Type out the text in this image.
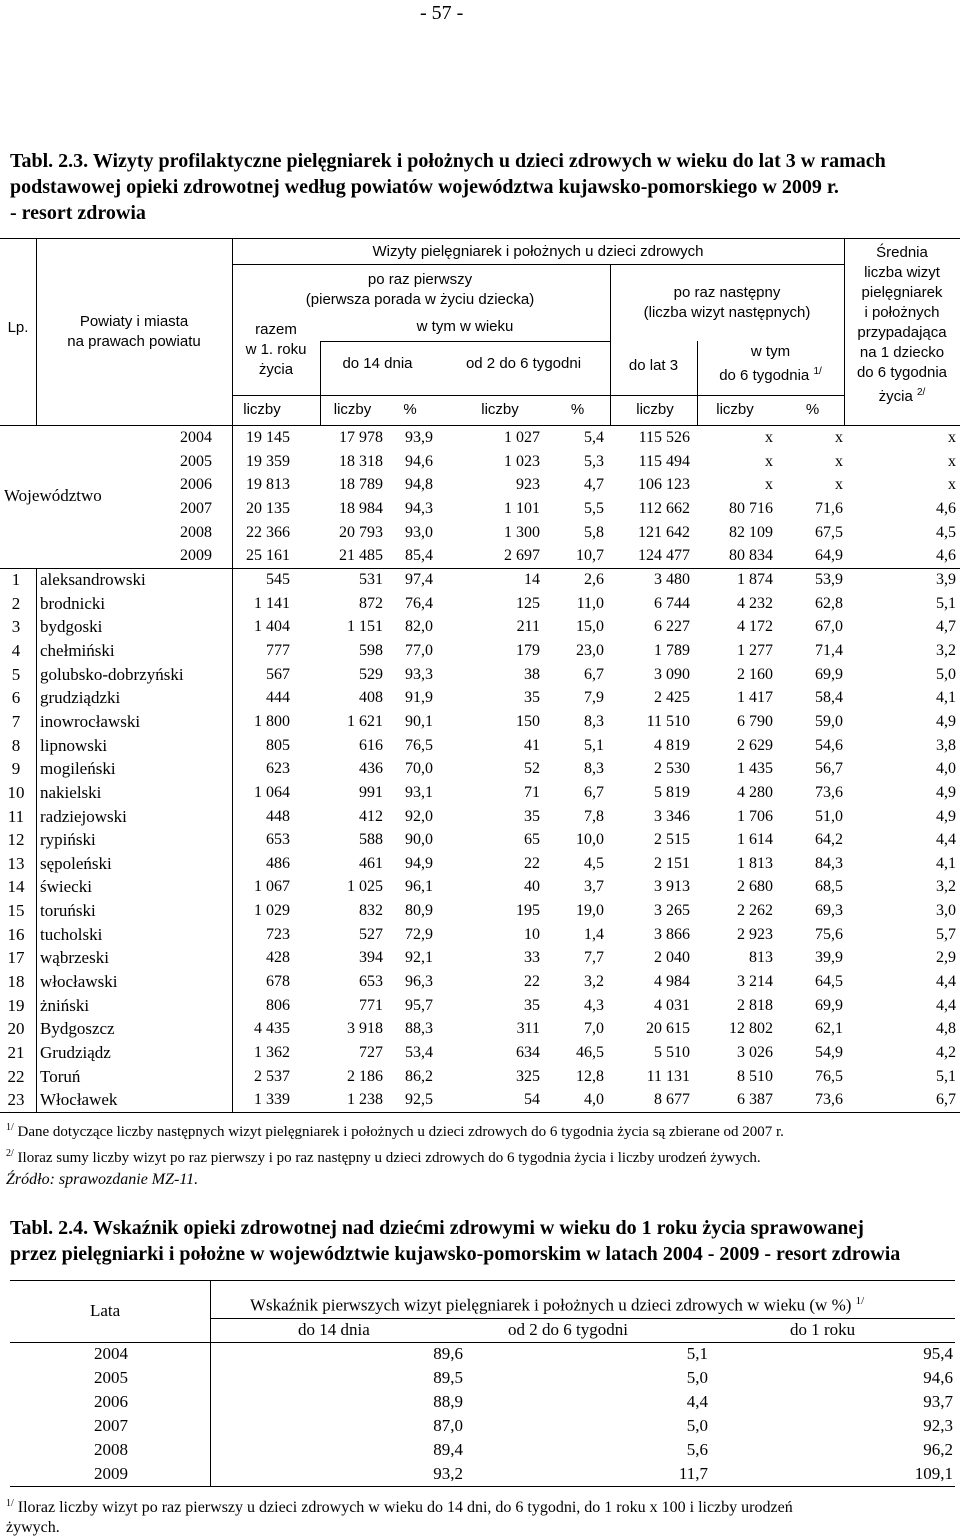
- 57 -
Tabl. 2.3. Wizyty profilaktyczne pielęgniarek i położnych u dzieci zdrowych w wieku do lat 3 w ramach
podstawowej opieki zdrowotnej według powiatów województwa kujawsko-pomorskiego w 2009 r.
- resort zdrowia
Lp.	Powiaty i miasta
na prawach powiatu
Wizyty pielęgniarek i położnych u dzieci zdrowych
razem
w 1. roku
życia
po raz pierwszy
(pierwsza porada w życiu dziecka)
w tym w wieku
do 14 dnia	od 2 do 6 tygodni
po raz następny
(liczba wizyt następnych)
do lat 3
w tym
do 6 tygodnia $^{1/}$
Średnia
liczba wizyt
pielęgniarek
i położnych
przypadająca
na 1 dziecko
do 6 tygodnia
życia $^{2/}$
liczby	liczby	%	liczby	%	liczby	liczby	%
Województwo
2004	19 145	17 978	93,9	1 027	5,4	115 526	x	x	x
2005	19 359	18 318	94,6	1 023	5,3	115 494	x	x	x
2006	19 813	18 789	94,8	923	4,7	106 123	x	x	x
2007	20 135	18 984	94,3	1 101	5,5	112 662	80 716	71,6	4,6
2008	22 366	20 793	93,0	1 300	5,8	121 642	82 109	67,5	4,5
2009	25 161	21 485	85,4	2 697	10,7	124 477	80 834	64,9	4,6
1	aleksandrowski	545	531	97,4	14	2,6	3 480	1 874	53,9	3,9
2	brodnicki	1 141	872	76,4	125	11,0	6 744	4 232	62,8	5,1
3	bydgoski	1 404	1 151	82,0	211	15,0	6 227	4 172	67,0	4,7
4	chełmiński	777	598	77,0	179	23,0	1 789	1 277	71,4	3,2
5	golubsko-dobrzyński	567	529	93,3	38	6,7	3 090	2 160	69,9	5,0
6	grudziądzki	444	408	91,9	35	7,9	2 425	1 417	58,4	4,1
7	inowrocławski	1 800	1 621	90,1	150	8,3	11 510	6 790	59,0	4,9
8	lipnowski	805	616	76,5	41	5,1	4 819	2 629	54,6	3,8
9	mogileński	623	436	70,0	52	8,3	2 530	1 435	56,7	4,0
10 nakielski	1 064	991	93,1	71	6,7	5 819	4 280	73,6	4,9
11 radziejowski	448	412	92,0	35	7,8	3 346	1 706	51,0	4,9
12 rypiński	653	588	90,0	65	10,0	2 515	1 614	64,2	4,4
13 sępoleński	486	461	94,9	22	4,5	2 151	1 813	84,3	4,1
14 świecki	1 067	1 025	96,1	40	3,7	3 913	2 680	68,5	3,2
15 toruński	1 029	832	80,9	195	19,0	3 265	2 262	69,3	3,0
16 tucholski	723	527	72,9	10	1,4	3 866	2 923	75,6	5,7
17 wąbrzeski	428	394	92,1	33	7,7	2 040	813	39,9	2,9
18 włocławski	678	653	96,3	22	3,2	4 984	3 214	64,5	4,4
19 żniński	806	771	95,7	35	4,3	4 031	2 818	69,9	4,4
20 Bydgoszcz	4 435	3 918	88,3	311	7,0	20 615	12 802	62,1	4,8
21 Grudziądz	1 362	727	53,4	634	46,5	5 510	3 026	54,9	4,2
22 Toruń	2 537	2 186	86,2	325	12,8	11 131	8 510	76,5	5,1
23 Włocławek	1 339	1 238	92,5	54	4,0	8 677	6 387	73,6	6,7
$^{1/}$ Dane dotyczące liczby następnych wizyt pielęgniarek i położnych u dzieci zdrowych do 6 tygodnia życia są zbierane od 2007 r.
$^{2/}$ Iloraz sumy liczby wizyt po raz pierwszy i po raz następny u dzieci zdrowych do 6 tygodnia życia i liczby urodzeń żywych.
Źródło: sprawozdanie MZ-11.
Tabl. 2.4. Wskaźnik opieki zdrowotnej nad dziećmi zdrowymi w wieku do 1 roku życia sprawowanej
przez pielęgniarki i położne w województwie kujawsko-pomorskim w latach 2004 - 2009 - resort zdrowia
Lata	Wskaźnik pierwszych wizyt pielęgniarek i położnych u dzieci zdrowych w wieku (w %) $^{1/}$
do 14 dnia	od 2 do 6 tygodni	do 1 roku
2004	89,6	5,1	95,4
2005	89,5	5,0	94,6
2006	88,9	4,4	93,7
2007	87,0	5,0	92,3
2008	89,4	5,6	96,2
2009	93,2	11,7	109,1
$^{1/}$ Iloraz liczby wizyt po raz pierwszy u dzieci zdrowych w wieku do 14 dni, do 6 tygodni, do 1 roku x 100 i liczby urodzeń
żywych.
